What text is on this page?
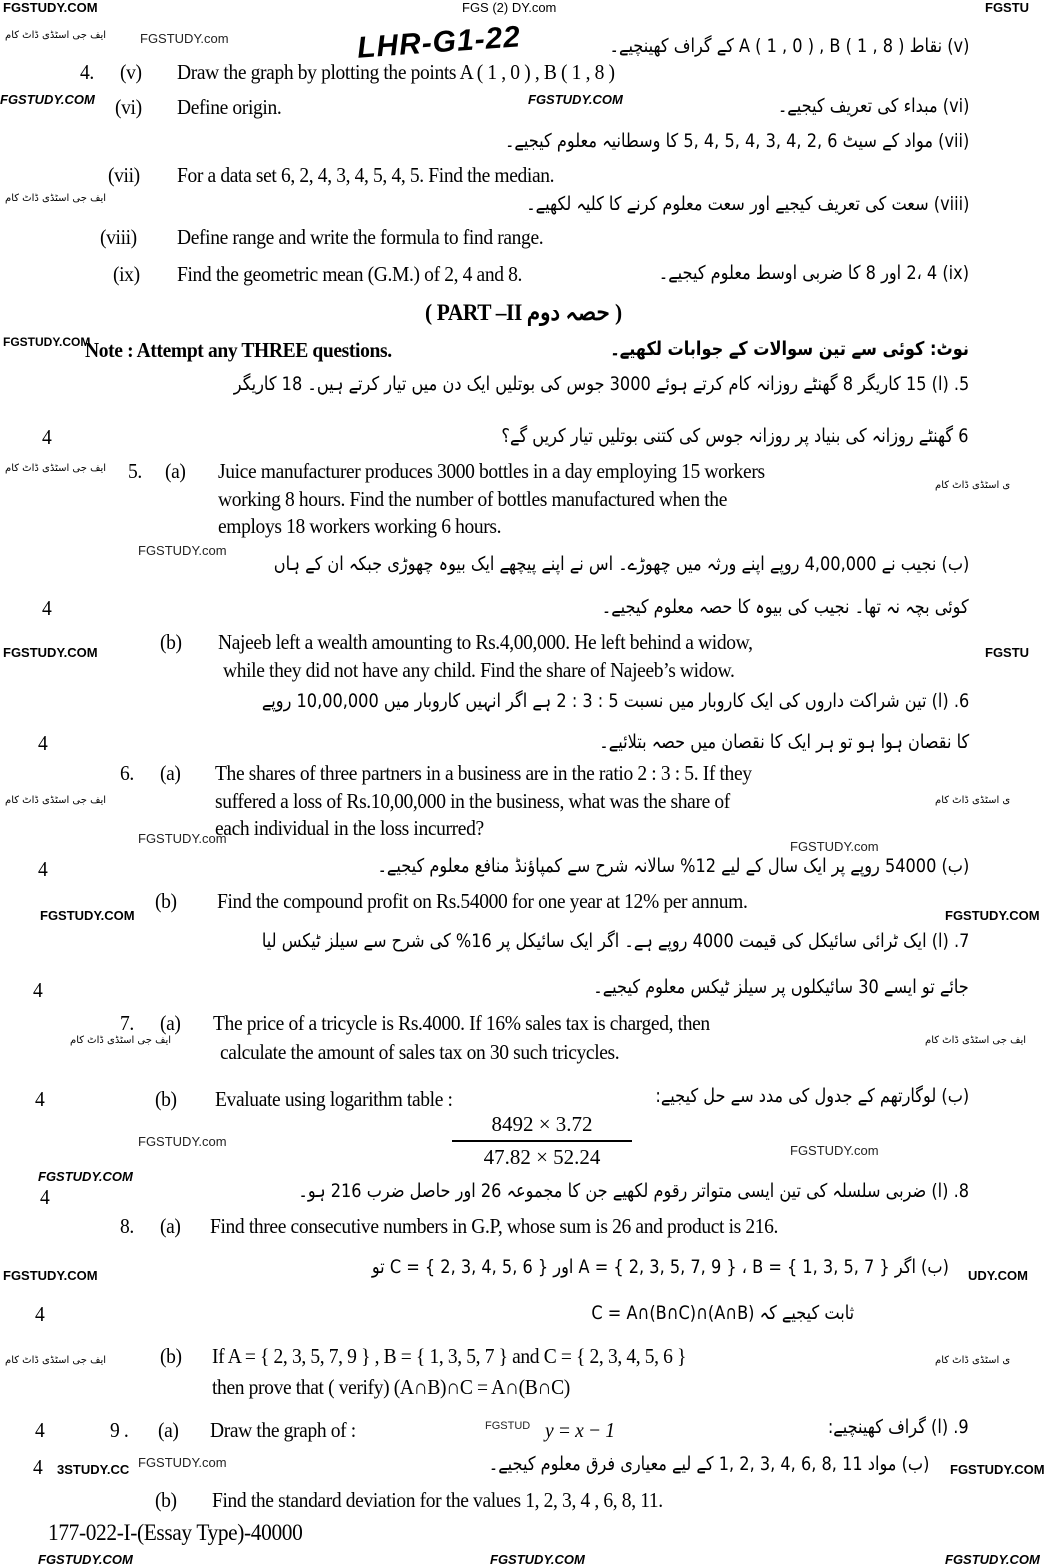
FGSTUDY.COM	FGS (2) DY.com	FGSTU
ایف جی اسٹڈی ڈاٹ کام	FGSTUDY.com
FGSTUDY.COM	FGSTUDY.COM
ایف جی اسٹڈی ڈاٹ کام
FGSTUDY.COM
ایف جی اسٹڈی ڈاٹ کام
ی اسٹڈی ڈاٹ کام
FGSTUDY.com
FGSTUDY.COM	FGSTU
ایف جی اسٹڈی ڈاٹ کام
FGSTUDY.com
FGSTUDY.com
ی اسٹڈی ڈاٹ کام
FGSTUDY.COM	FGSTUDY.COM
ایف جی اسٹڈی ڈاٹ کام	ایف جی اسٹڈی ڈاٹ کام
FGSTUDY.com
FGSTUDY.com
FGSTUDY.COM
FGSTUDY.COM	UDY.COM
ایف جی اسٹڈی ڈاٹ کام	ی اسٹڈی ڈاٹ کام
3STUDY.CC FGSTUDY.com	FGSTUDY.COM
FGSTUDY.COM	FGSTUDY.COM	FGSTUDY.COM
LHR-G1-22	(v) نقاط A ( 1 , 0 ) , B ( 1 , 8 ) کے گراف کھینچیے۔
4. (v) Draw the graph by plotting the points A ( 1 , 0 ) , B ( 1 , 8 )
(vi) Define origin.	(vi) مبداء کی تعریف کیجیے۔
(vii) مواد کے سیٹ 6 ,2 ,4 ,3 ,4 ,5 ,4 ,5 کا وسطانیہ معلوم کیجیے۔
(vii) For a data set 6, 2, 4, 3, 4, 5, 4, 5. Find the median.
(viii) سعت کی تعریف کیجیے اور سعت معلوم کرنے کا کلیہ لکھیے۔
(viii) Define range and write the formula to find range.
(ix) Find the geometric mean (G.M.) of 2, 4 and 8.	(ix) 2، 4 اور 8 کا ضربی اوسط معلوم کیجیے۔
( PART –II حصہ دوم )
Note : Attempt any THREE questions.	نوٹ: کوئی سے تین سوالات کے جوابات لکھیے۔
5. (ا) 15 کاریگر 8 گھنٹے روزانہ کام کرتے ہوئے 3000 جوس کی بوتلیں ایک دن میں تیار کرتے ہیں۔ 18 کاریگر
4	6 گھنٹے روزانہ کی بنیاد پر روزانہ جوس کی کتنی بوتلیں تیار کریں گے؟
5. (a) Juice manufacturer produces 3000 bottles in a day employing 15 workers
working 8 hours. Find the number of bottles manufactured when the
employs 18 workers working 6 hours.
(ب) نجیب نے 4,00,000 روپے اپنے ورثہ میں چھوڑے۔ اس نے اپنے پیچھے ایک بیوہ چھوڑی جبکہ ان کے ہاں
4	کوئی بچہ نہ تھا۔ نجیب کی بیوہ کا حصہ معلوم کیجیے۔
(b) Najeeb left a wealth amounting to Rs.4,00,000. He left behind a widow,
while they did not have any child. Find the share of Najeeb’s widow.
6. (ا) تین شراکت داروں کی ایک کاروبار میں نسبت 5 : 3 : 2 ہے اگر انہیں کاروبار میں 10,00,000 روپے
4	کا نقصان ہوا ہو تو ہر ایک کا نقصان میں حصہ بتلائیے۔
6. (a) The shares of three partners in a business are in the ratio 2 : 3 : 5. If they
suffered a loss of Rs.10,00,000 in the business, what was the share of
each individual in the loss incurred?
4	(ب) 54000 روپے پر ایک سال کے لیے 12% سالانہ شرح سے کمپاؤنڈ منافع معلوم کیجیے۔
(b) Find the compound profit on Rs.54000 for one year at 12% per annum.
7. (ا) ایک ٹرائی سائیکل کی قیمت 4000 روپے ہے۔ اگر ایک سائیکل پر 16% کی شرح سے سیلز ٹیکس لیا
4	جائے تو ایسے 30 سائیکلوں پر سیلز ٹیکس معلوم کیجیے۔
7. (a) The price of a tricycle is Rs.4000. If 16% sales tax is charged, then
calculate the amount of sales tax on 30 such tricycles.
4	(b) Evaluate using logarithm table :	(ب) لوگارتھم کے جدول کی مدد سے حل کیجیے:
8492 × 3.72
47.82 × 52.24
4	8. (ا) ضربی سلسلہ کی تین ایسی متواتر رقوم لکھیے جن کا مجموعہ 26 اور حاصل ضرب 216 ہو۔
8. (a) Find three consecutive numbers in G.P, whose sum is 26 and product is 216.
(ب) اگر A = { 2, 3, 5, 7, 9 } ، B = { 1, 3, 5, 7 } اور C = { 2, 3, 4, 5, 6 } تو
4	ثابت کیجیے کہ (A∩B)∩C = A∩(B∩C)
(b) If A = { 2, 3, 5, 7, 9 } , B = { 1, 3, 5, 7 } and C = { 2, 3, 4, 5, 6 }
then prove that ( verify) (A∩B)∩C = A∩(B∩C)
4	9 . (a) Draw the graph of :	FGSTUD y = x − 1	9. (ا) گراف کھینچیے:
4	(ب) مواد 11 ,8 ,6 ,4 ,3 ,2 ,1 کے لیے معیاری فرق معلوم کیجیے۔
(b) Find the standard deviation for the values 1, 2, 3, 4 , 6, 8, 11.
177-022-I-(Essay Type)-40000
